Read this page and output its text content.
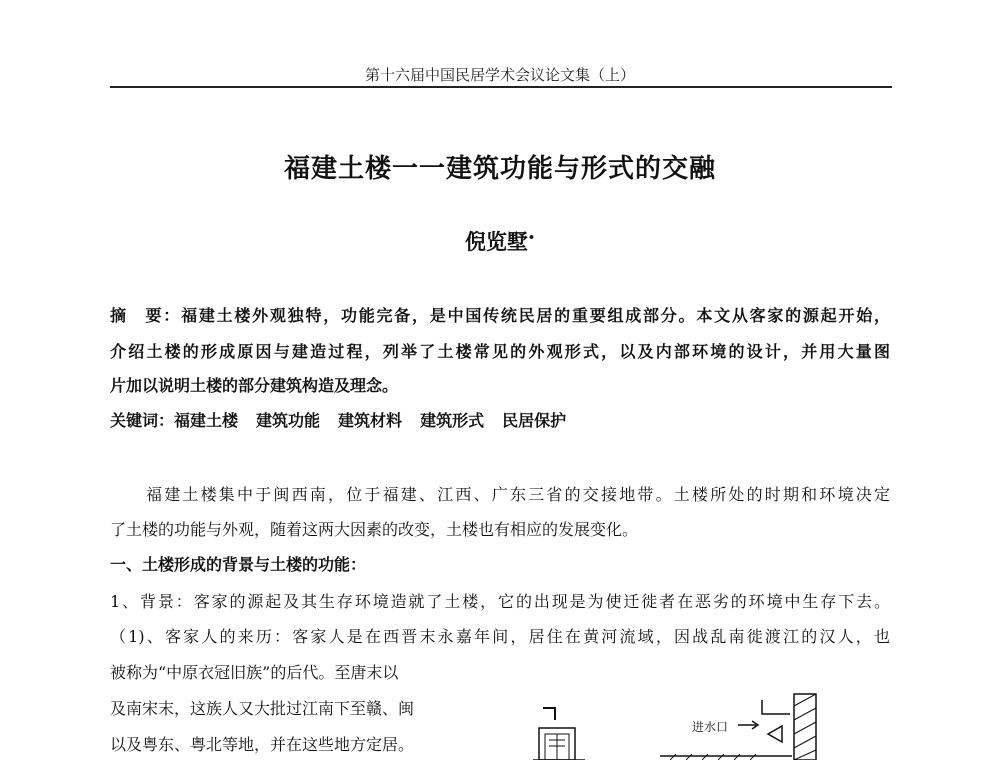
第十六届中国民居学术会议论文集（上）
福建土楼一一建筑功能与形式的交融
倪览墅•
摘　要：福建土楼外观独特，功能完备，是中国传统民居的重要组成部分。本文从客家的源起开始，
介绍土楼的形成原因与建造过程，列举了土楼常见的外观形式，以及内部环境的设计，并用大量图
片加以说明土楼的部分建筑构造及理念。
关键词：福建土楼 建筑功能 建筑材料 建筑形式 民居保护
福建土楼集中于闽西南，位于福建、江西、广东三省的交接地带。土楼所处的时期和环境决定
了土楼的功能与外观，随着这两大因素的改变，土楼也有相应的发展变化。
一、土楼形成的背景与土楼的功能：
1、背景：客家的源起及其生存环境造就了土楼，它的出现是为使迁徙者在恶劣的环境中生存下去。
（1)、客家人的来历：客家人是在西晋末永嘉年间，居住在黄河流域，因战乱南徙渡江的汉人，也
被称为“中原衣冠旧族”的后代。至唐末以
及南宋末，这族人又大批过江南下至赣、闽
以及粤东、粤北等地，并在这些地方定居。
进水口
